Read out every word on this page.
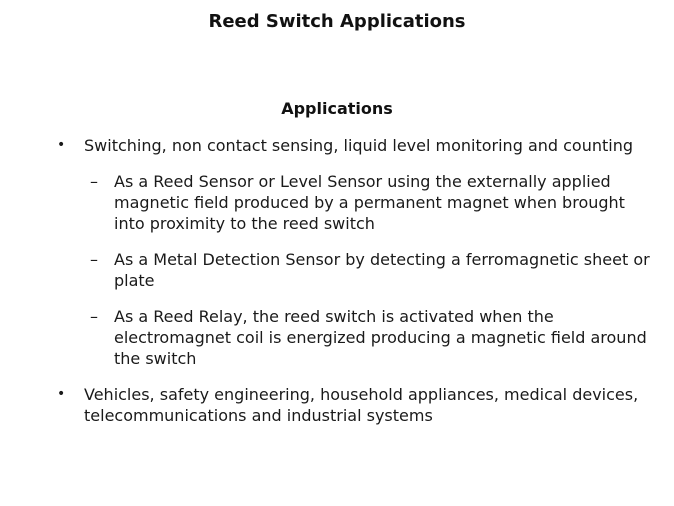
Reed Switch Applications
Applications
• Switching, non contact sensing, liquid level monitoring and counting
– As a Reed Sensor or Level Sensor using the externally applied magnetic field produced by a permanent magnet when brought into proximity to the reed switch
– As a Metal Detection Sensor by detecting a ferromagnetic sheet or plate
– As a Reed Relay, the reed switch is activated when the electromagnet coil is energized producing a magnetic field around the switch
• Vehicles, safety engineering, household appliances, medical devices, telecommunications and industrial systems
